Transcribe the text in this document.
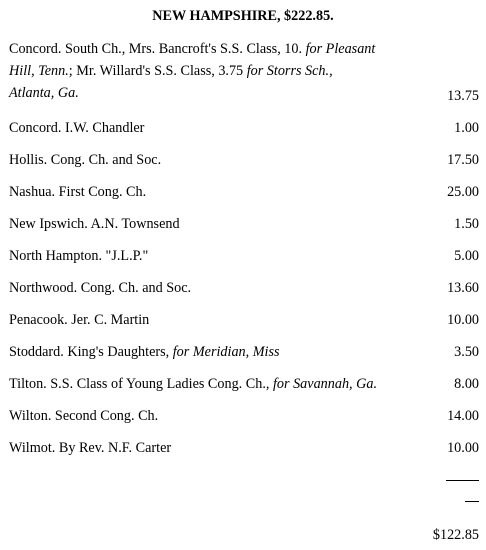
NEW HAMPSHIRE, $222.85.
Concord. South Ch., Mrs. Bancroft's S.S. Class, 10. for Pleasant
Hill, Tenn.; Mr. Willard's S.S. Class, 3.75 for Storrs Sch.,
Atlanta, Ga.	13.75
Concord. I.W. Chandler	1.00
Hollis. Cong. Ch. and Soc.	17.50
Nashua. First Cong. Ch.	25.00
New Ipswich. A.N. Townsend	1.50
North Hampton. "J.L.P."	5.00
Northwood. Cong. Ch. and Soc.	13.60
Penacook. Jer. C. Martin	10.00
Stoddard. King's Daughters, for Meridian, Miss	3.50
Tilton. S.S. Class of Young Ladies Cong. Ch., for Savannah, Ga.	8.00
Wilton. Second Cong. Ch.	14.00
Wilmot. By Rev. N.F. Carter	10.00
$122.85
